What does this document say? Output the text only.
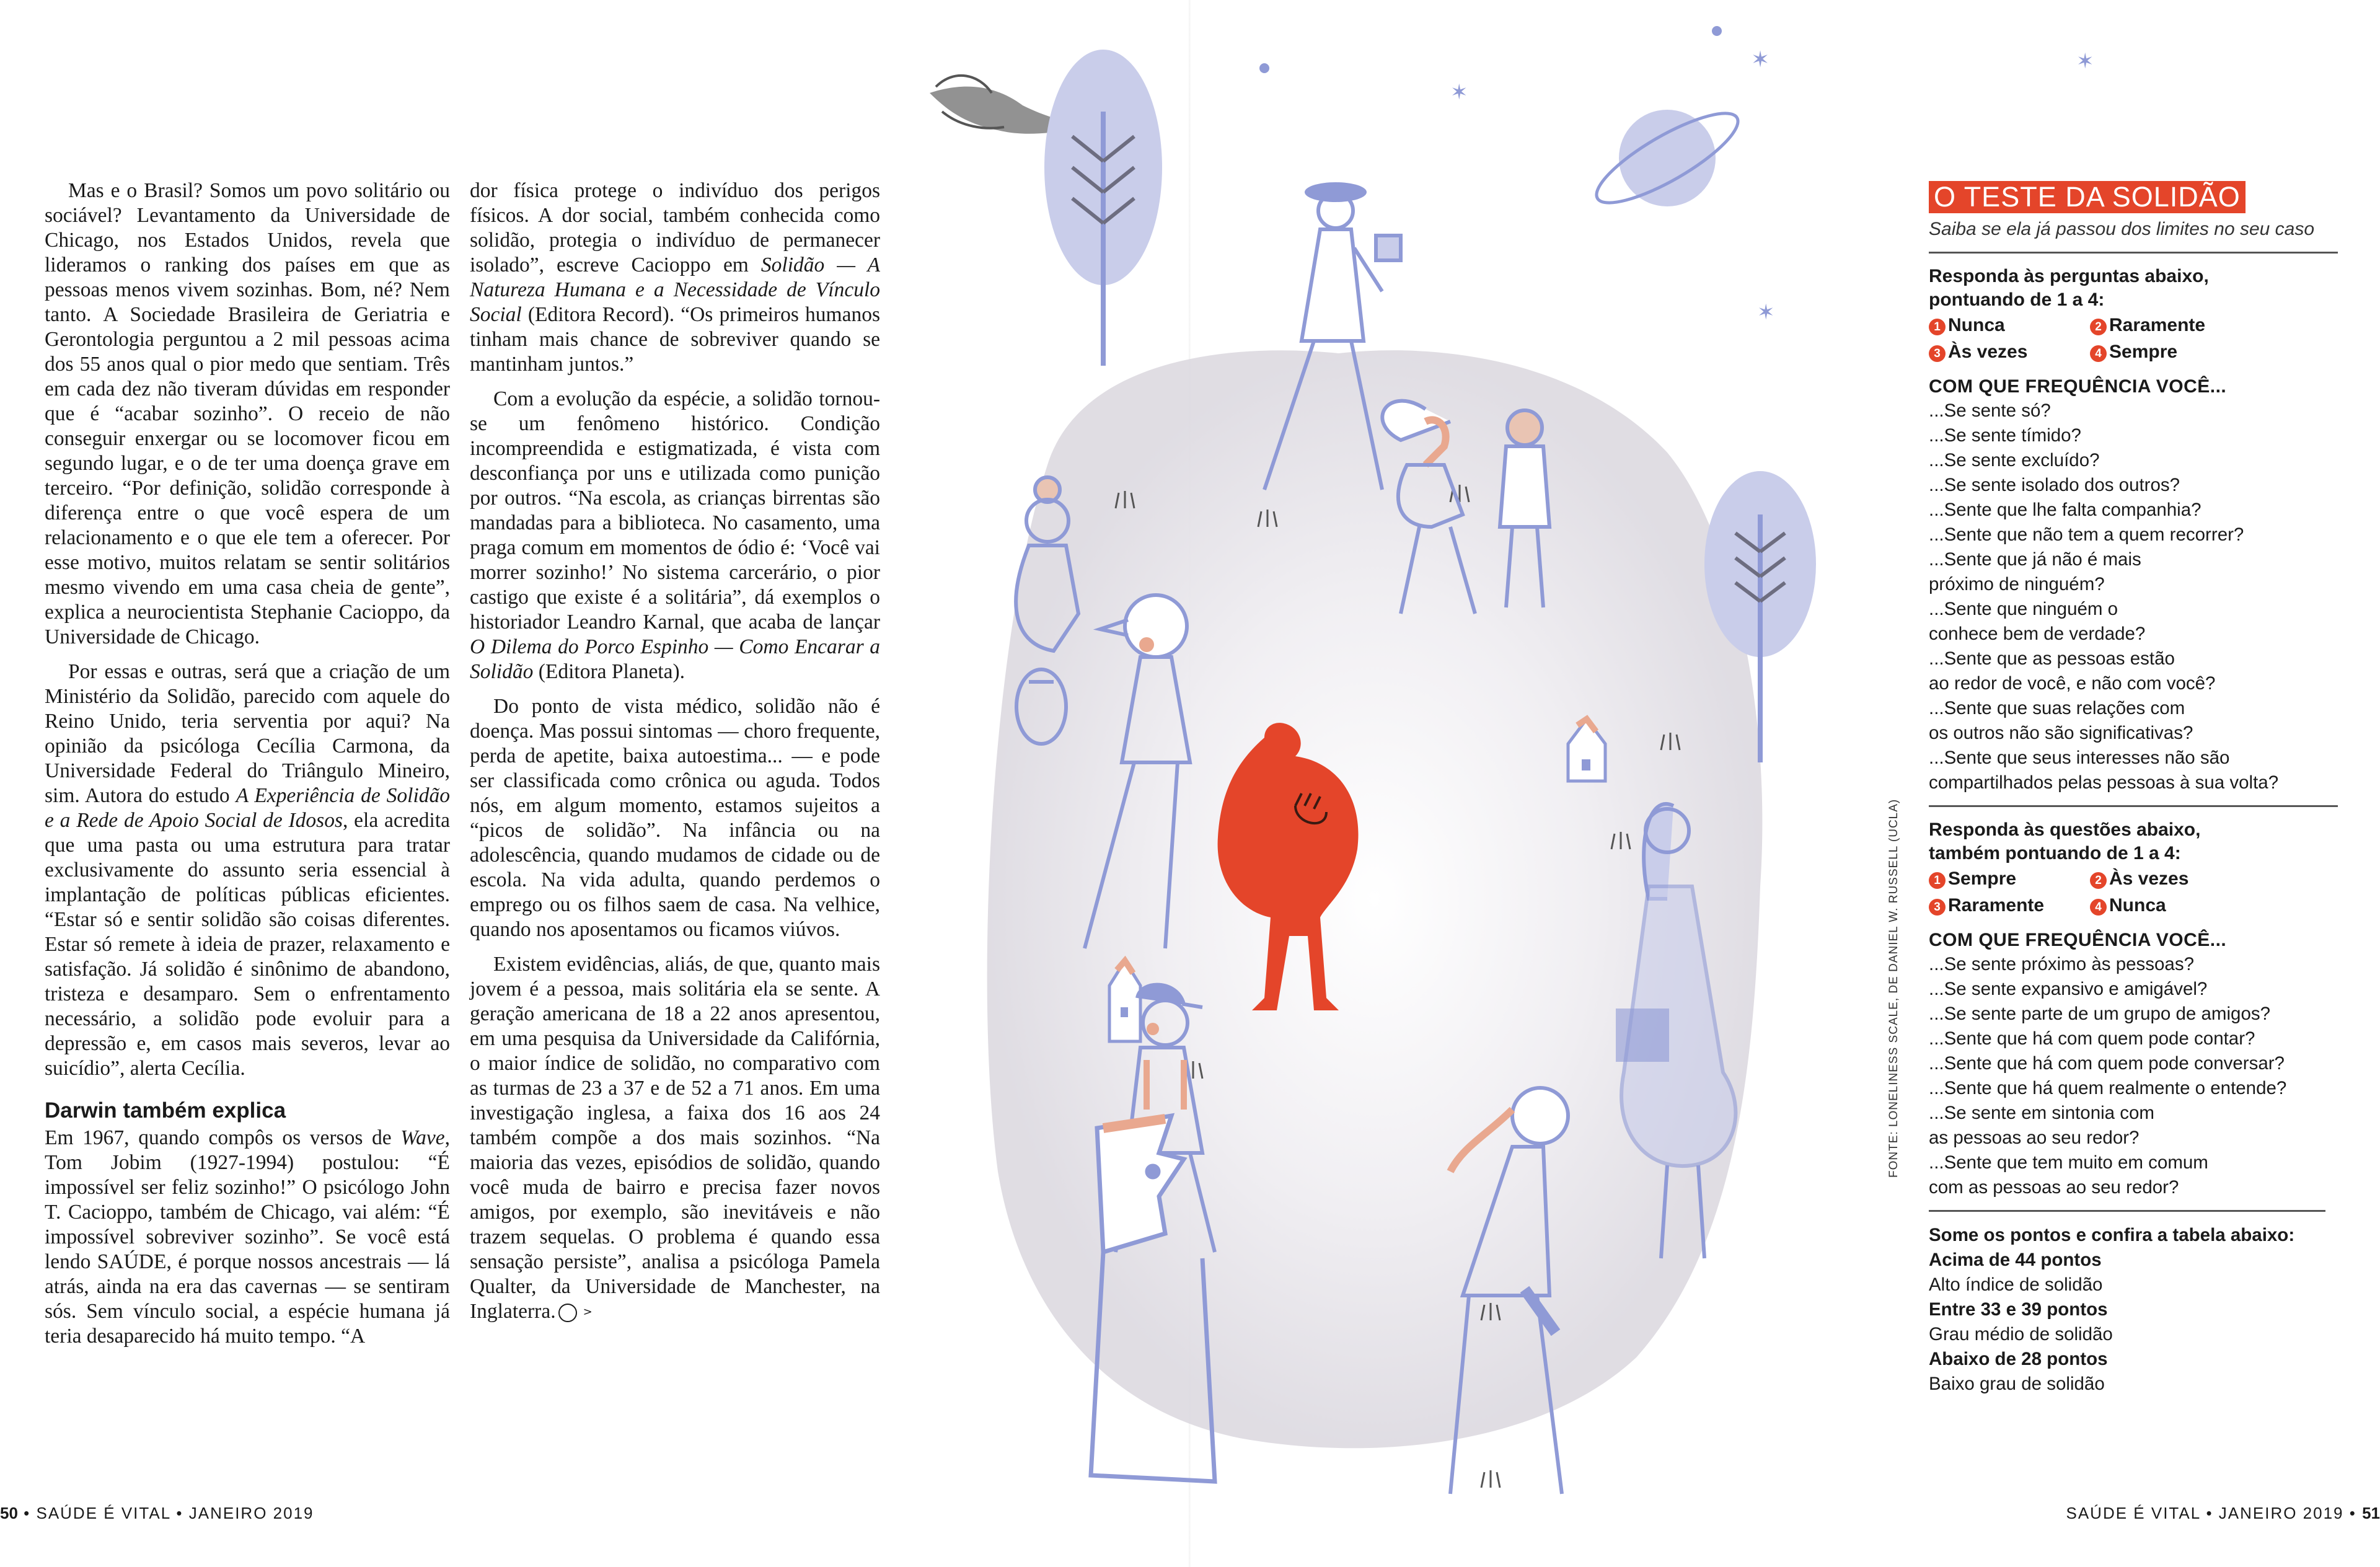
Mas e o Brasil? Somos um povo solitário ou sociável? Levantamento da Universidade de Chicago, nos Estados Unidos, revela que lideramos o ranking dos países em que as pessoas menos vivem sozinhas. Bom, né? Nem tanto. A Sociedade Brasileira de Geriatria e Gerontologia perguntou a 2 mil pessoas acima dos 55 anos qual o pior medo que sentiam. Três em cada dez não tiveram dúvidas em responder que é “acabar sozinho”. O receio de não conseguir enxergar ou se locomover ficou em segundo lugar, e o de ter uma doença grave em terceiro. “Por definição, solidão corresponde à diferença entre o que você espera de um relacionamento e o que ele tem a oferecer. Por esse motivo, muitos relatam se sentir solitários mesmo vivendo em uma casa cheia de gente”, explica a neurocientista Stephanie Cacioppo, da Universidade de Chicago.

Por essas e outras, será que a criação de um Ministério da Solidão, parecido com aquele do Reino Unido, teria serventia por aqui? Na opinião da psicóloga Cecília Carmona, da Universidade Federal do Triângulo Mineiro, sim. Autora do estudo A Experiência de Solidão e a Rede de Apoio Social de Idosos, ela acredita que uma pasta ou uma estrutura para tratar exclusivamente do assunto seria essencial à implantação de políticas públicas eficientes. “Estar só e sentir solidão são coisas diferentes. Estar só remete à ideia de prazer, relaxamento e satisfação. Já solidão é sinônimo de abandono, tristeza e desamparo. Sem o enfrentamento necessário, a solidão pode evoluir para a depressão e, em casos mais severos, levar ao suicídio”, alerta Cecília.

Darwin também explica

Em 1967, quando compôs os versos de Wave, Tom Jobim (1927-1994) postulou: “É impossível ser feliz sozinho!” O psicólogo John T. Cacioppo, também de Chicago, vai além: “É impossível sobreviver sozinho”. Se você está lendo SAÚDE, é porque nossos ancestrais — lá atrás, ainda na era das cavernas — se sentiram sós. Sem vínculo social, a espécie humana já teria desaparecido há muito tempo. “A

dor física protege o indivíduo dos perigos físicos. A dor social, também conhecida como solidão, protegia o indivíduo de permanecer isolado”, escreve Cacioppo em Solidão — A Natureza Humana e a Necessidade de Vínculo Social (Editora Record). “Os primeiros humanos tinham mais chance de sobreviver quando se mantinham juntos.”

Com a evolução da espécie, a solidão tornou-se um fenômeno histórico. Condição incompreendida e estigmatizada, é vista com desconfiança por uns e utilizada como punição por outros. “Na escola, as crianças birrentas são mandadas para a biblioteca. No casamento, uma praga comum em momentos de ódio é: ‘Você vai morrer sozinho!’ No sistema carcerário, o pior castigo que existe é a solitária”, dá exemplos o historiador Leandro Karnal, que acaba de lançar O Dilema do Porco Espinho — Como Encarar a Solidão (Editora Planeta).

Do ponto de vista médico, solidão não é doença. Mas possui sintomas — choro frequente, perda de apetite, baixa autoestima... — e pode ser classificada como crônica ou aguda. Todos nós, em algum momento, estamos sujeitos a “picos de solidão”. Na infância ou na adolescência, quando mudamos de cidade ou de escola. Na vida adulta, quando perdemos o emprego ou os filhos saem de casa. Na velhice, quando nos aposentamos ou ficamos viúvos.

Existem evidências, aliás, de que, quanto mais jovem é a pessoa, mais solitária ela se sente. A geração americana de 18 a 22 anos apresentou, em uma pesquisa da Universidade da Califórnia, o maior índice de solidão, no comparativo com as turmas de 23 a 37 e de 52 a 71 anos. Em uma investigação inglesa, a faixa dos 16 aos 24 também compõe a dos mais sozinhos. “Na maioria das vezes, episódios de solidão, quando você muda de bairro e precisa fazer novos amigos, por exemplo, são inevitáveis e não trazem sequelas. O problema é quando essa sensação persiste”, analisa a psicóloga Pamela Qualter, da Universidade de Manchester, na Inglaterra. >

50 • SAÚDE É VITAL • JANEIRO 2019	SAÚDE É VITAL • JANEIRO 2019 • 51
✶
✶
✶
✶
FONTE: LONELINESS SCALE, DE DANIEL W. RUSSELL (UCLA)
O TESTE DA SOLIDÃO
Saiba se ela já passou dos limites no seu caso
Responda às perguntas abaixo,
pontuando de 1 a 4:
1 Nunca	2 Raramente
3 Às vezes	4 Sempre
COM QUE FREQUÊNCIA VOCÊ...
...Se sente só?
...Se sente tímido?
...Se sente excluído?
...Se sente isolado dos outros?
...Sente que lhe falta companhia?
...Sente que não tem a quem recorrer?
...Sente que já não é mais
próximo de ninguém?
...Sente que ninguém o
conhece bem de verdade?
...Sente que as pessoas estão
ao redor de você, e não com você?
...Sente que suas relações com
os outros não são significativas?
...Sente que seus interesses não são
compartilhados pelas pessoas à sua volta?
Responda às questões abaixo,
também pontuando de 1 a 4:
1 Sempre	2 Às vezes
3 Raramente	4 Nunca
COM QUE FREQUÊNCIA VOCÊ...
...Se sente próximo às pessoas?
...Se sente expansivo e amigável?
...Se sente parte de um grupo de amigos?
...Sente que há com quem pode contar?
...Sente que há com quem pode conversar?
...Sente que há quem realmente o entende?
...Se sente em sintonia com
as pessoas ao seu redor?
...Sente que tem muito em comum
com as pessoas ao seu redor?
Some os pontos e confira a tabela abaixo:
Acima de 44 pontos
Alto índice de solidão
Entre 33 e 39 pontos
Grau médio de solidão
Abaixo de 28 pontos
Baixo grau de solidão
